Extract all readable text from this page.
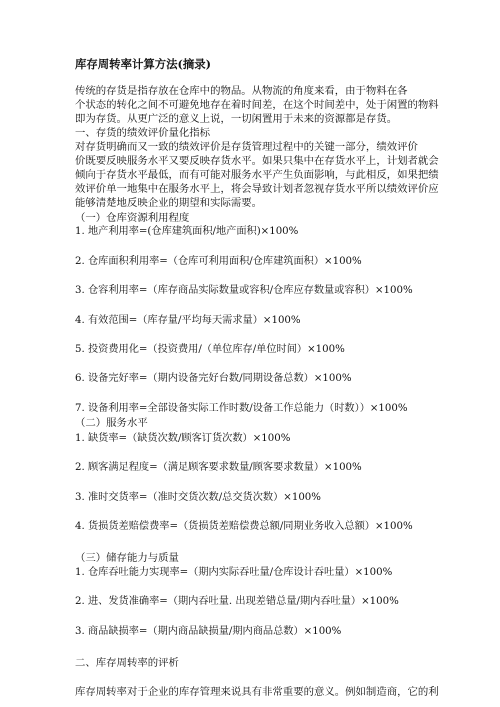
库存周转率计算方法(摘录)
传统的存货是指存放在仓库中的物品。从物流的角度来看，由于物料在各
个状态的转化之间不可避免地存在着时间差，在这个时间差中，处于闲置的物料
即为存货。从更广泛的意义上说，一切闲置用于未来的资源都是存货。
一、存货的绩效评价量化指标
对存货明确而又一致的绩效评价是存货管理过程中的关键一部分，绩效评价
价既要反映服务水平又要反映存货水平。如果只集中在存货水平上，计划者就会
倾向于存货水平最低，而有可能对服务水平产生负面影响，与此相反，如果把绩
效评价单一地集中在服务水平上，将会导致计划者忽视存货水平所以绩效评价应
能够清楚地反映企业的期望和实际需要。
（一）仓库资源利用程度
1. 地产利用率=(仓库建筑面积/地产面积)×100%
2. 仓库面积利用率=（仓库可利用面积/仓库建筑面积）×100%
3. 仓容利用率=（库存商品实际数量或容积/仓库应存数量或容积）×100%
4. 有效范围=（库存量/平均每天需求量）×100%
5. 投资费用化=（投资费用/（单位库存/单位时间）×100%
6. 设备完好率=（期内设备完好台数/同期设备总数）×100%
7. 设备利用率=全部设备实际工作时数/设备工作总能力（时数））×100%
（二）服务水平
1. 缺货率=（缺货次数/顾客订货次数）×100%
2. 顾客满足程度=（满足顾客要求数量/顾客要求数量）×100%
3. 准时交货率=（准时交货次数/总交货次数）×100%
4. 货损货差赔偿费率=（货损货差赔偿费总额/同期业务收入总额）×100%
（三）储存能力与质量
1. 仓库吞吐能力实现率=（期内实际吞吐量/仓库设计吞吐量）×100%
2. 进、发货准确率=（期内吞吐量. 出现差错总量/期内吞吐量）×100%
3. 商品缺损率=（期内商品缺损量/期内商品总数）×100%
二、库存周转率的评析
库存周转率对于企业的库存管理来说具有非常重要的意义。例如制造商，它的利
